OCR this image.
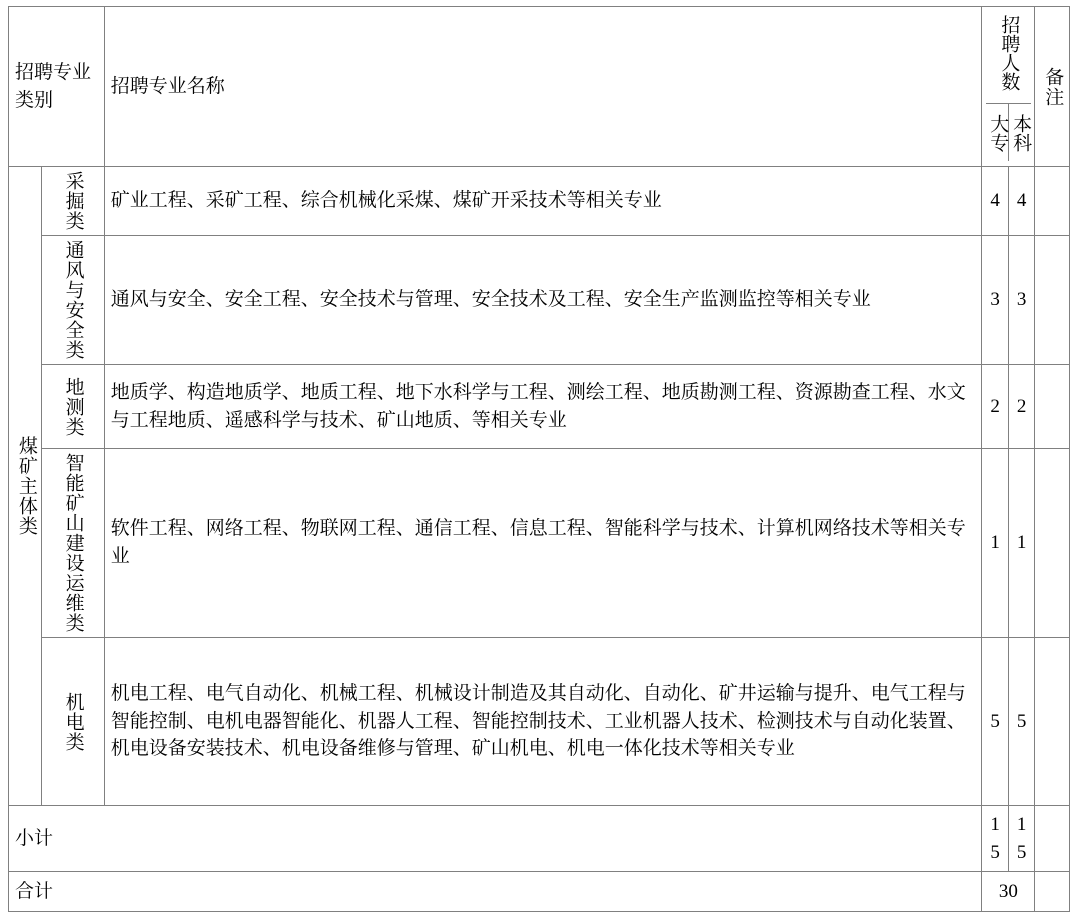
招聘专业类别		招聘专业名称	招聘人数
大专 本科		备注

煤矿主体类	采掘类	矿业工程、采矿工程、综合机械化采煤、煤矿开采技术等相关专业	4	4	

	通风与安全类	通风与安全、安全工程、安全技术与管理、安全技术及工程、安全生产监测监控等相关专业	3	3	

	地测类	地质学、构造地质学、地质工程、地下水科学与工程、测绘工程、地质勘测工程、资源勘查工程、水文与工程地质、遥感科学与技术、矿山地质、等相关专业	2	2	

	智能矿山建设运维类	软件工程、网络工程、物联网工程、通信工程、信息工程、智能科学与技术、计算机网络技术等相关专业	1	1	

	机电类	机电工程、电气自动化、机械工程、机械设计制造及其自动化、自动化、矿井运输与提升、电气工程与智能控制、电机电器智能化、机器人工程、智能控制技术、工业机器人技术、检测技术与自动化装置、机电设备安装技术、机电设备维修与管理、矿山机电、机电一体化技术等相关专业	5	5	
小计			15	15	
合计			30		
